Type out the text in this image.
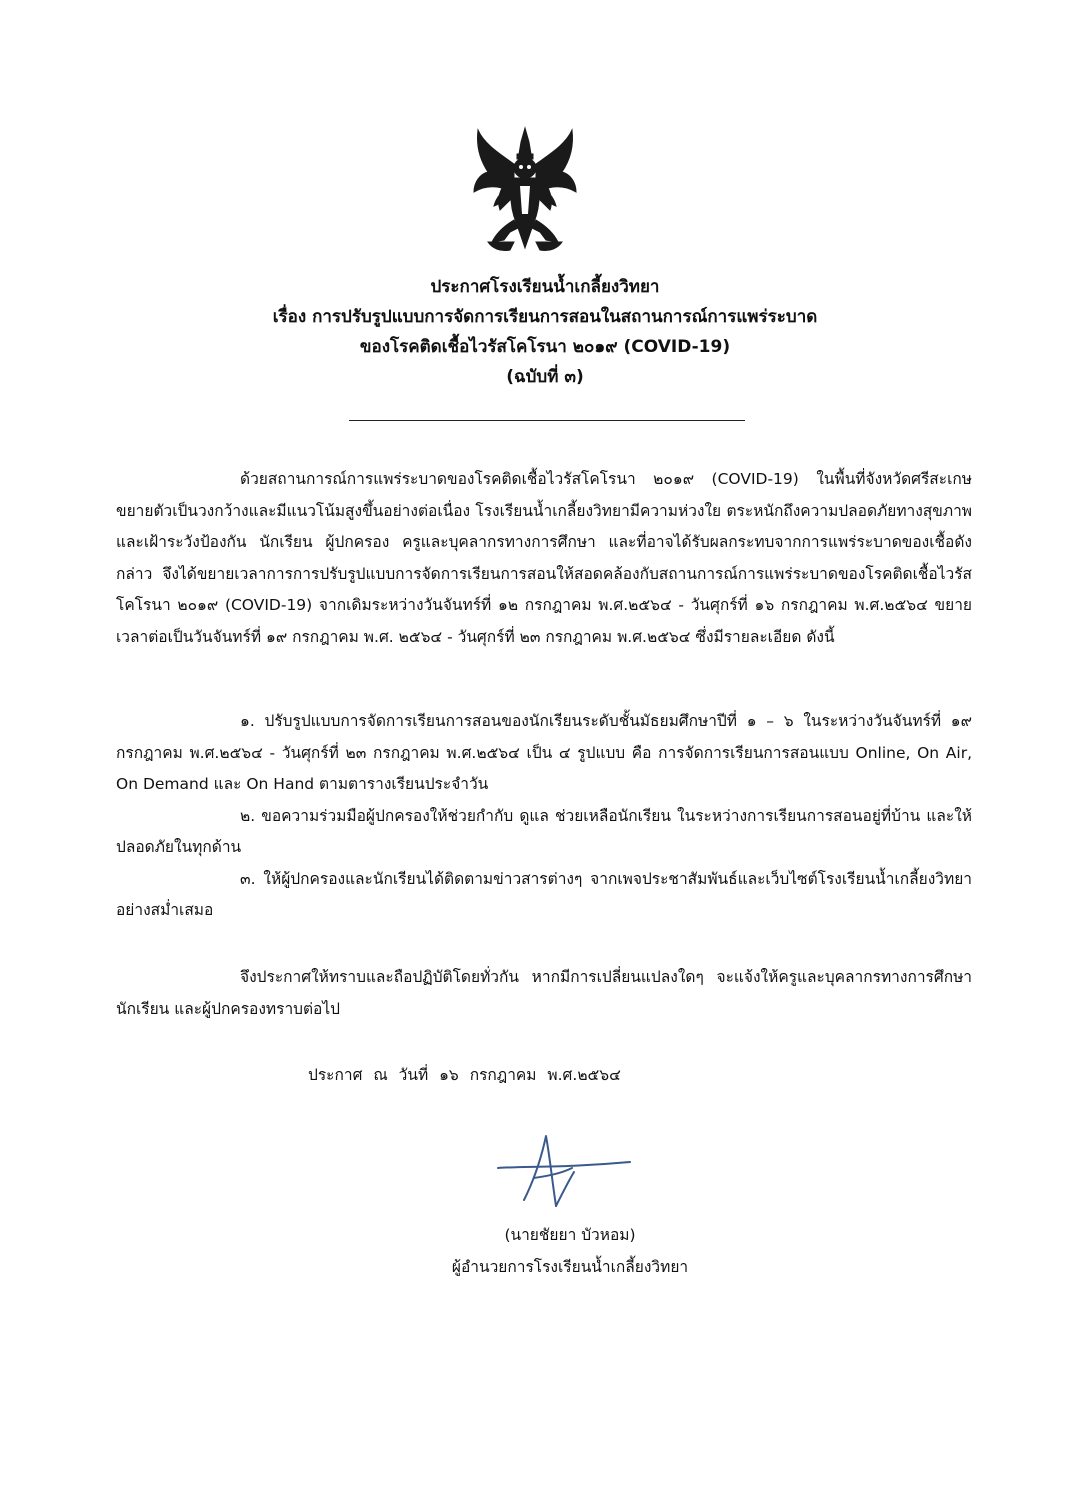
ประกาศโรงเรียนน้ำเกลี้ยงวิทยา
เรื่อง การปรับรูปแบบการจัดการเรียนการสอนในสถานการณ์การแพร่ระบาด
ของโรคติดเชื้อไวรัสโคโรนา ๒๐๑๙ (COVID-19)
(ฉบับที่ ๓)

ด้วยสถานการณ์การแพร่ระบาดของโรคติดเชื้อไวรัสโคโรนา ๒๐๑๙ (COVID-19) ในพื้นที่จังหวัดศรีสะเกษ ขยายตัวเป็นวงกว้างและมีแนวโน้มสูงขึ้นอย่างต่อเนื่อง โรงเรียนน้ำเกลี้ยงวิทยามีความห่วงใย ตระหนักถึงความปลอดภัยทางสุขภาพและเฝ้าระวังป้องกัน นักเรียน ผู้ปกครอง ครูและบุคลากรทางการศึกษา และที่อาจได้รับผลกระทบจากการแพร่ระบาดของเชื้อดังกล่าว จึงได้ขยายเวลาการการปรับรูปแบบการจัดการเรียนการสอนให้สอดคล้องกับสถานการณ์การแพร่ระบาดของโรคติดเชื้อไวรัสโคโรนา ๒๐๑๙ (COVID-19) จากเดิมระหว่างวันจันทร์ที่ ๑๒ กรกฎาคม พ.ศ.๒๕๖๔ - วันศุกร์ที่ ๑๖ กรกฎาคม พ.ศ.๒๕๖๔ ขยายเวลาต่อเป็นวันจันทร์ที่ ๑๙ กรกฎาคม พ.ศ. ๒๕๖๔ - วันศุกร์ที่ ๒๓ กรกฎาคม พ.ศ.๒๕๖๔ ซึ่งมีรายละเอียด ดังนี้

๑. ปรับรูปแบบการจัดการเรียนการสอนของนักเรียนระดับชั้นมัธยมศึกษาปีที่ ๑ – ๖ ในระหว่างวันจันทร์ที่ ๑๙ กรกฎาคม พ.ศ.๒๕๖๔ - วันศุกร์ที่ ๒๓ กรกฎาคม พ.ศ.๒๕๖๔ เป็น ๔ รูปแบบ คือ การจัดการเรียนการสอนแบบ Online, On Air, On Demand และ On Hand ตามตารางเรียนประจำวัน

๒. ขอความร่วมมือผู้ปกครองให้ช่วยกำกับ ดูแล ช่วยเหลือนักเรียน ในระหว่างการเรียนการสอนอยู่ที่บ้าน และให้ปลอดภัยในทุกด้าน

๓. ให้ผู้ปกครองและนักเรียนได้ติดตามข่าวสารต่างๆ จากเพจประชาสัมพันธ์และเว็บไซต์โรงเรียนน้ำเกลี้ยงวิทยาอย่างสม่ำเสมอ

จึงประกาศให้ทราบและถือปฏิบัติโดยทั่วกัน หากมีการเปลี่ยนแปลงใดๆ จะแจ้งให้ครูและบุคลากรทางการศึกษา นักเรียน และผู้ปกครองทราบต่อไป

ประกาศ ณ วันที่ ๑๖ กรกฎาคม พ.ศ.๒๕๖๔
(นายชัยยา บัวหอม)
ผู้อำนวยการโรงเรียนน้ำเกลี้ยงวิทยา
